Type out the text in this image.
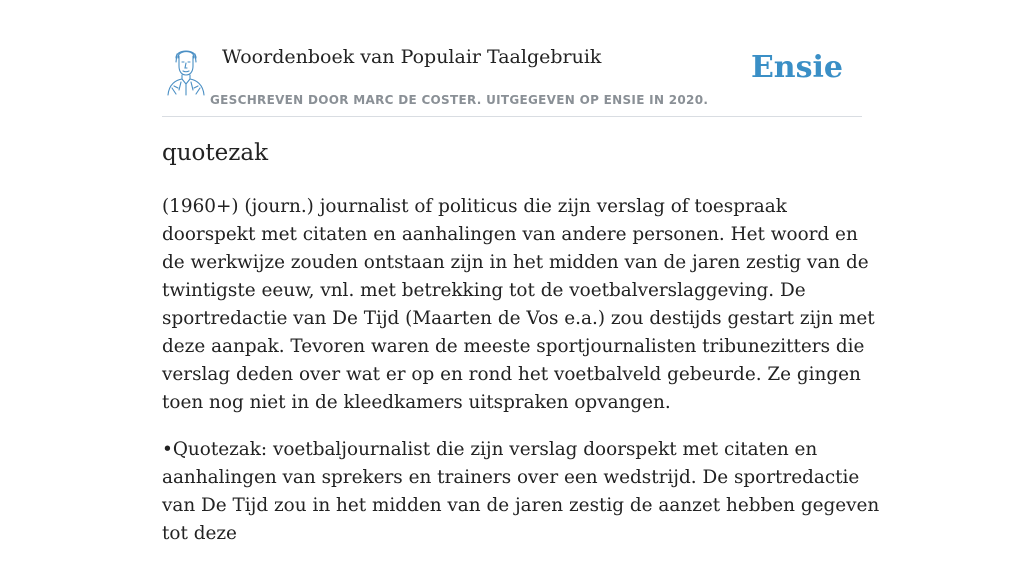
Woordenboek van Populair Taalgebruik
GESCHREVEN DOOR MARC DE COSTER. UITGEGEVEN OP ENSIE IN 2020.
Ensie
quotezak

(1960+) (journ.) journalist of politicus die zijn verslag of toespraak doorspekt met citaten en aanhalingen van andere personen. Het woord en de werkwijze zouden ontstaan zijn in het midden van de jaren zestig van de twintigste eeuw, vnl. met betrekking tot de voetbalverslaggeving. De sportredactie van De Tijd (Maarten de Vos e.a.) zou destijds gestart zijn met deze aanpak. Tevoren waren de meeste sportjournalisten tribunezitters die verslag deden over wat er op en rond het voetbalveld gebeurde. Ze gingen toen nog niet in de kleedkamers uitspraken opvangen.

•Quotezak: voetbaljournalist die zijn verslag doorspekt met citaten en aanhalingen van sprekers en trainers over een wedstrijd. De sportredactie van De Tijd zou in het midden van de jaren zestig de aanzet hebben gegeven tot deze
